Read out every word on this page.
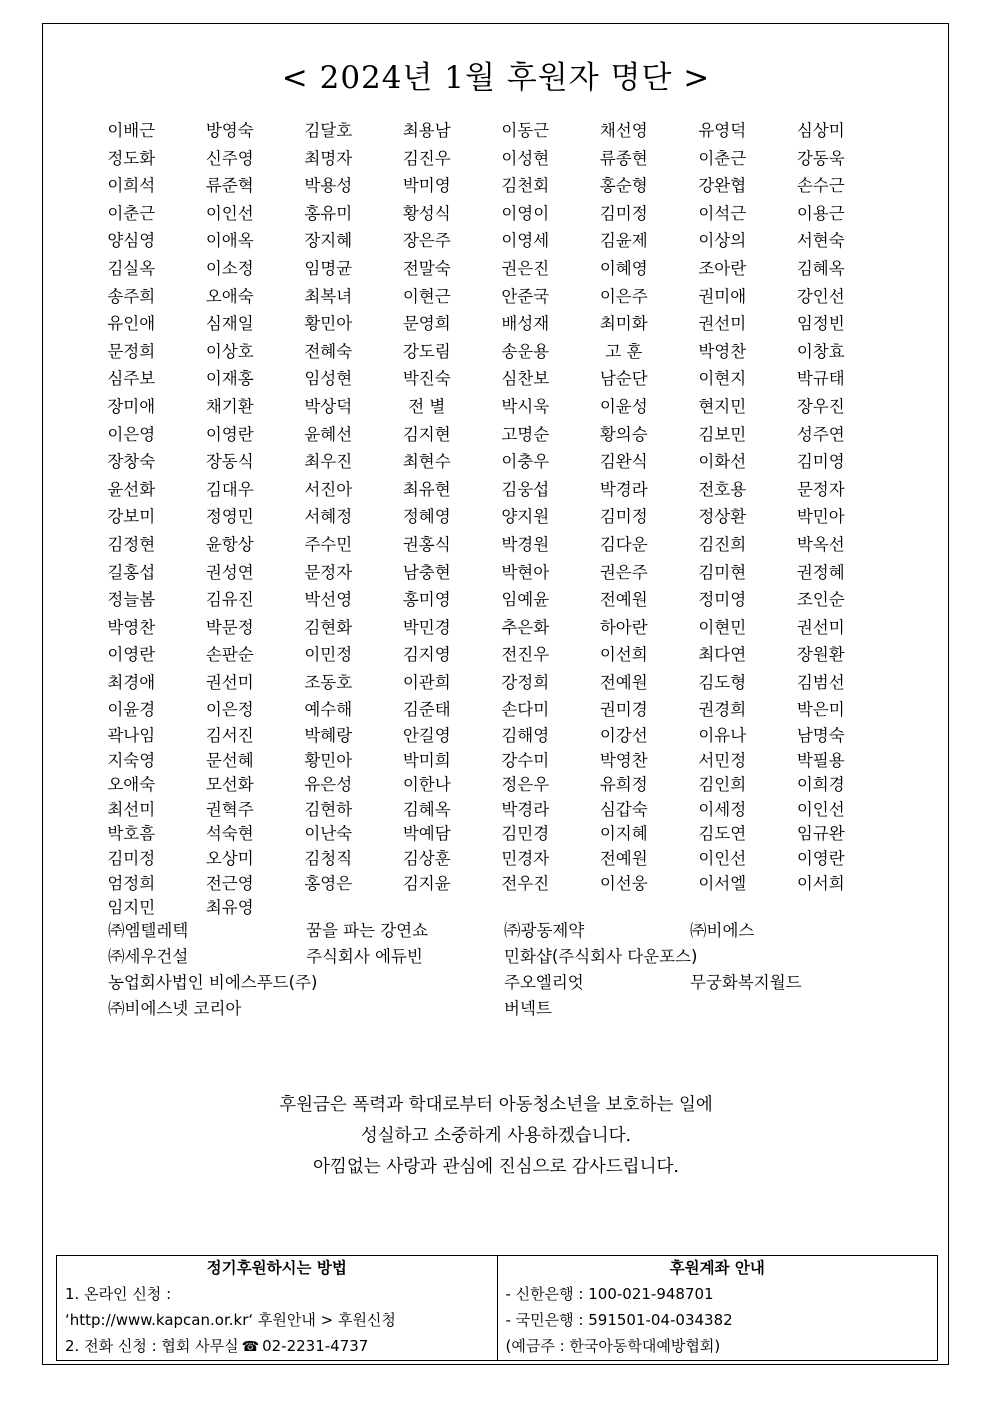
< 2024년 1월 후원자 명단 >
이배근	방영숙	김달호	최용남	이동근	채선영	유영덕	심상미
정도화	신주영	최명자	김진우	이성현	류종현	이춘근	강동욱
이희석	류준혁	박용성	박미영	김천회	홍순형	강완협	손수근
이춘근	이인선	홍유미	황성식	이영이	김미정	이석근	이용근
양심영	이애옥	장지혜	장은주	이영세	김윤제	이상의	서현숙
김실옥	이소정	임명균	전말숙	권은진	이혜영	조아란	김혜옥
송주희	오애숙	최복녀	이현근	안준국	이은주	권미애	강인선
유인애	심재일	황민아	문영희	배성재	최미화	권선미	임정빈
문정희	이상호	전혜숙	강도림	송운용	고 훈	박영찬	이창효
심주보	이재홍	임성현	박진숙	심찬보	남순단	이현지	박규태
장미애	채기환	박상덕	전 별	박시욱	이윤성	현지민	장우진
이은영	이영란	윤혜선	김지현	고명순	황의승	김보민	성주연
장창숙	장동식	최우진	최현수	이충우	김완식	이화선	김미영
윤선화	김대우	서진아	최유현	김웅섭	박경라	전호용	문정자
강보미	정영민	서혜정	정혜영	양지원	김미정	정상환	박민아
김정현	윤항상	주수민	권홍식	박경원	김다운	김진희	박옥선
길홍섭	권성연	문정자	남충현	박현아	권은주	김미현	권정혜
정늘봄	김유진	박선영	홍미영	임예윤	전예원	정미영	조인순
박영찬	박문정	김현화	박민경	추은화	하아란	이현민	권선미
이영란	손판순	이민정	김지영	전진우	이선희	최다연	장원환
최경애	권선미	조동호	이관희	강정희	전예원	김도형	김범선
이윤경	이은정	예수해	김준태	손다미	권미경	권경희	박은미
곽나임	김서진	박혜랑	안길영	김해영	이강선	이유나	남명숙
지숙영	문선혜	황민아	박미희	강수미	박영찬	서민정	박필용
오애숙	모선화	유은성	이한나	정은우	유희정	김인희	이희경
최선미	권혁주	김현하	김혜옥	박경라	심갑숙	이세정	이인선
박호흠	석숙현	이난숙	박예담	김민경	이지혜	김도연	임규완
김미정	오상미	김청직	김상훈	민경자	전예원	이인선	이영란
엄정희	전근영	홍영은	김지윤	전우진	이선웅	이서엘	이서희
임지민	최유영
㈜엠텔레텍	꿈을 파는 강연쇼	㈜광동제약	㈜비에스
㈜세우건설	주식회사 에듀빈	민화샵(주식회사 다운포스)
농업회사법인 비에스푸드(주)	주오엘리엇	무궁화복지월드
㈜비에스넷 코리아	버넥트
후원금은 폭력과 학대로부터 아동청소년을 보호하는 일에
성실하고 소중하게 사용하겠습니다.
아낌없는 사랑과 관심에 진심으로 감사드립니다.
정기후원하시는 방법
1. 온라인 신청 :
‘http://www.kapcan.or.kr‘ 후원안내 > 후원신청
2. 전화 신청 : 협회 사무실 ☎ 02-2231-4737
후원계좌 안내
- 신한은행 : 100-021-948701
- 국민은행 : 591501-04-034382
(예금주 : 한국아동학대예방협회)
